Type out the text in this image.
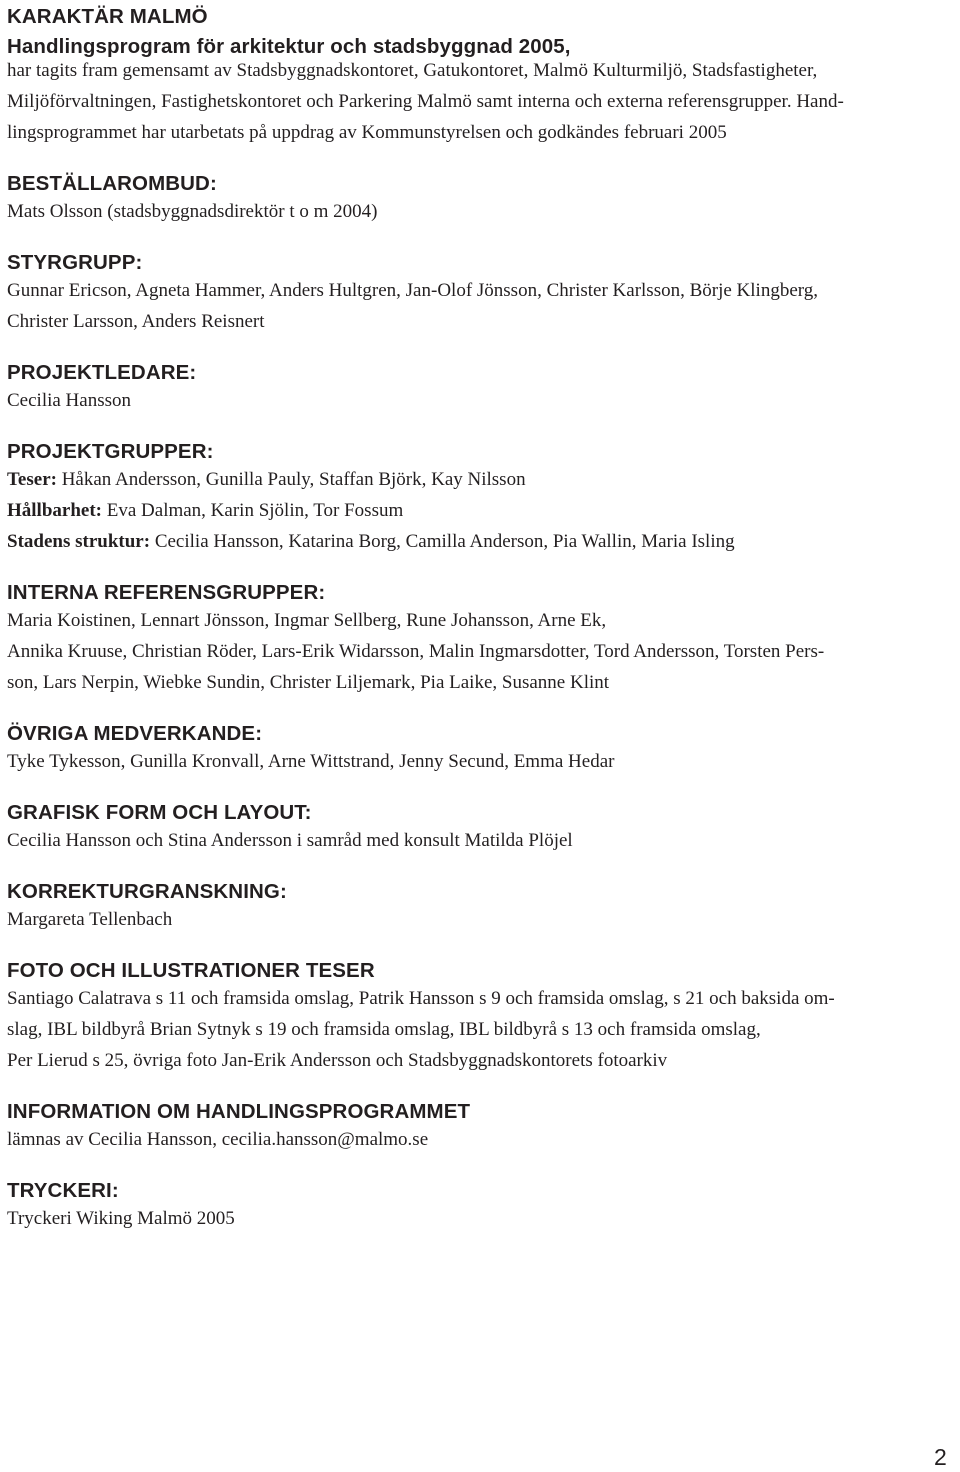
KARAKTÄR MALMÖ
Handlingsprogram för arkitektur och stadsbyggnad 2005,

har tagits fram gemensamt av Stadsbyggnadskontoret, Gatukontoret, Malmö Kulturmiljö, Stadsfastigheter,
Miljöförvaltningen, Fastighetskontoret och Parkering Malmö samt interna och externa referensgrupper. Hand-
lingsprogrammet har utarbetats på uppdrag av Kommunstyrelsen och godkändes februari 2005

BESTÄLLAROMBUD:

Mats Olsson (stadsbyggnadsdirektör t o m 2004)

STYRGRUPP:

Gunnar Ericson, Agneta Hammer, Anders Hultgren, Jan-Olof Jönsson, Christer Karlsson, Börje Klingberg,
Christer Larsson, Anders Reisnert

PROJEKTLEDARE:

Cecilia Hansson

PROJEKTGRUPPER:

Teser: Håkan Andersson, Gunilla Pauly, Staffan Björk, Kay Nilsson
Hållbarhet: Eva Dalman, Karin Sjölin, Tor Fossum
Stadens struktur: Cecilia Hansson, Katarina Borg, Camilla Anderson, Pia Wallin, Maria Isling

INTERNA REFERENSGRUPPER:

Maria Koistinen, Lennart Jönsson, Ingmar Sellberg, Rune Johansson, Arne Ek,
Annika Kruuse, Christian Röder, Lars-Erik Widarsson, Malin Ingmarsdotter, Tord Andersson, Torsten Pers-
son, Lars Nerpin, Wiebke Sundin, Christer Liljemark, Pia Laike, Susanne Klint

ÖVRIGA MEDVERKANDE:

Tyke Tykesson, Gunilla Kronvall, Arne Wittstrand, Jenny Secund, Emma Hedar

GRAFISK FORM OCH LAYOUT:

Cecilia Hansson och Stina Andersson i samråd med konsult Matilda Plöjel

KORREKTURGRANSKNING:

Margareta Tellenbach

FOTO OCH ILLUSTRATIONER TESER

Santiago Calatrava s 11 och framsida omslag, Patrik Hansson s 9 och framsida omslag, s 21 och baksida om-
slag, IBL bildbyrå Brian Sytnyk s 19 och framsida omslag, IBL bildbyrå s 13 och framsida omslag,
Per Lierud s 25, övriga foto Jan-Erik Andersson och Stadsbyggnadskontorets fotoarkiv

INFORMATION OM HANDLINGSPROGRAMMET

lämnas av Cecilia Hansson, cecilia.hansson@malmo.se

TRYCKERI:

Tryckeri Wiking Malmö 2005

2
